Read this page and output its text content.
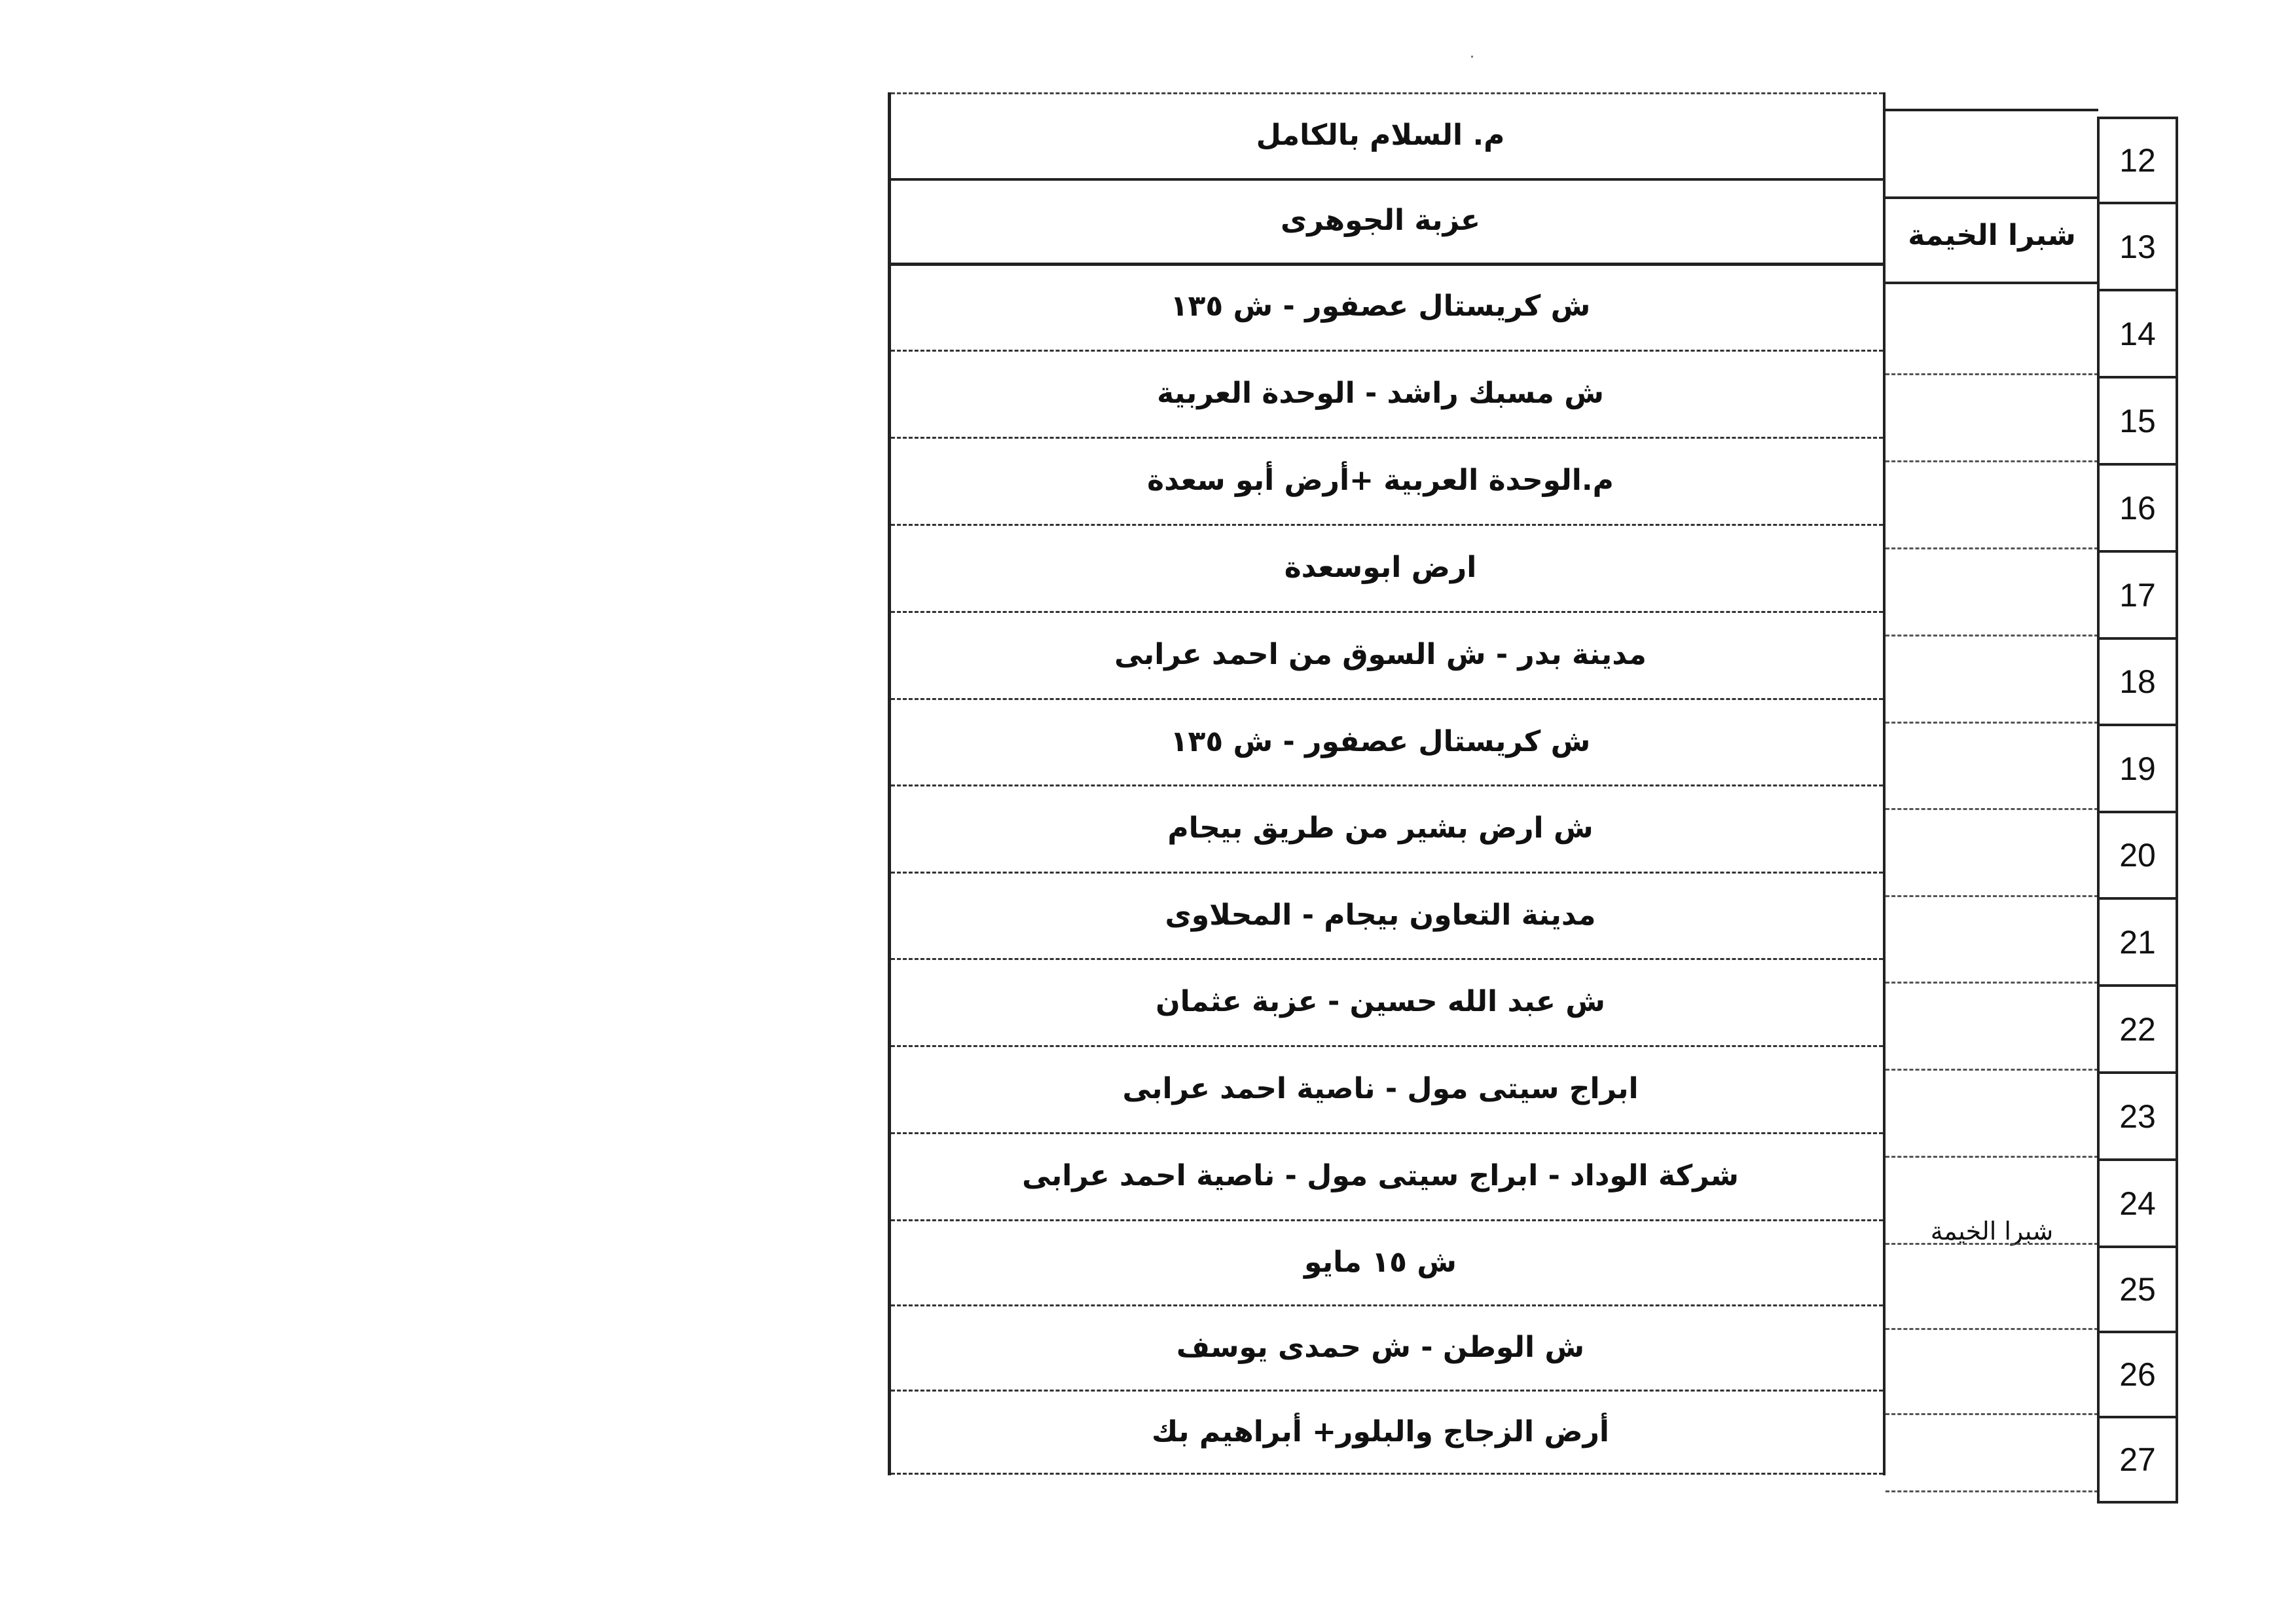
م. السلام بالكامل
عزبة الجوهرى
ش كريستال عصفور - ش ١٣٥
ش مسبك راشد - الوحدة العربية
م.الوحدة العربية +أرض أبو سعدة
ارض ابوسعدة
مدينة بدر - ش السوق من احمد عرابى
ش كريستال عصفور - ش ١٣٥
ش ارض بشير من طريق بيجام
مدينة التعاون بيجام - المحلاوى
ش عبد الله حسين - عزبة عثمان
ابراج سيتى مول - ناصية احمد عرابى
شركة الوداد - ابراج سيتى مول - ناصية احمد عرابى
ش ١٥ مايو
ش الوطن - ش حمدى يوسف
أرض الزجاج والبلور+ أبراهيم بك
شبرا الخيمة
شبرا الخيمة
12
13
14
15
16
17
18
19
20
21
22
23
24
25
26
27
